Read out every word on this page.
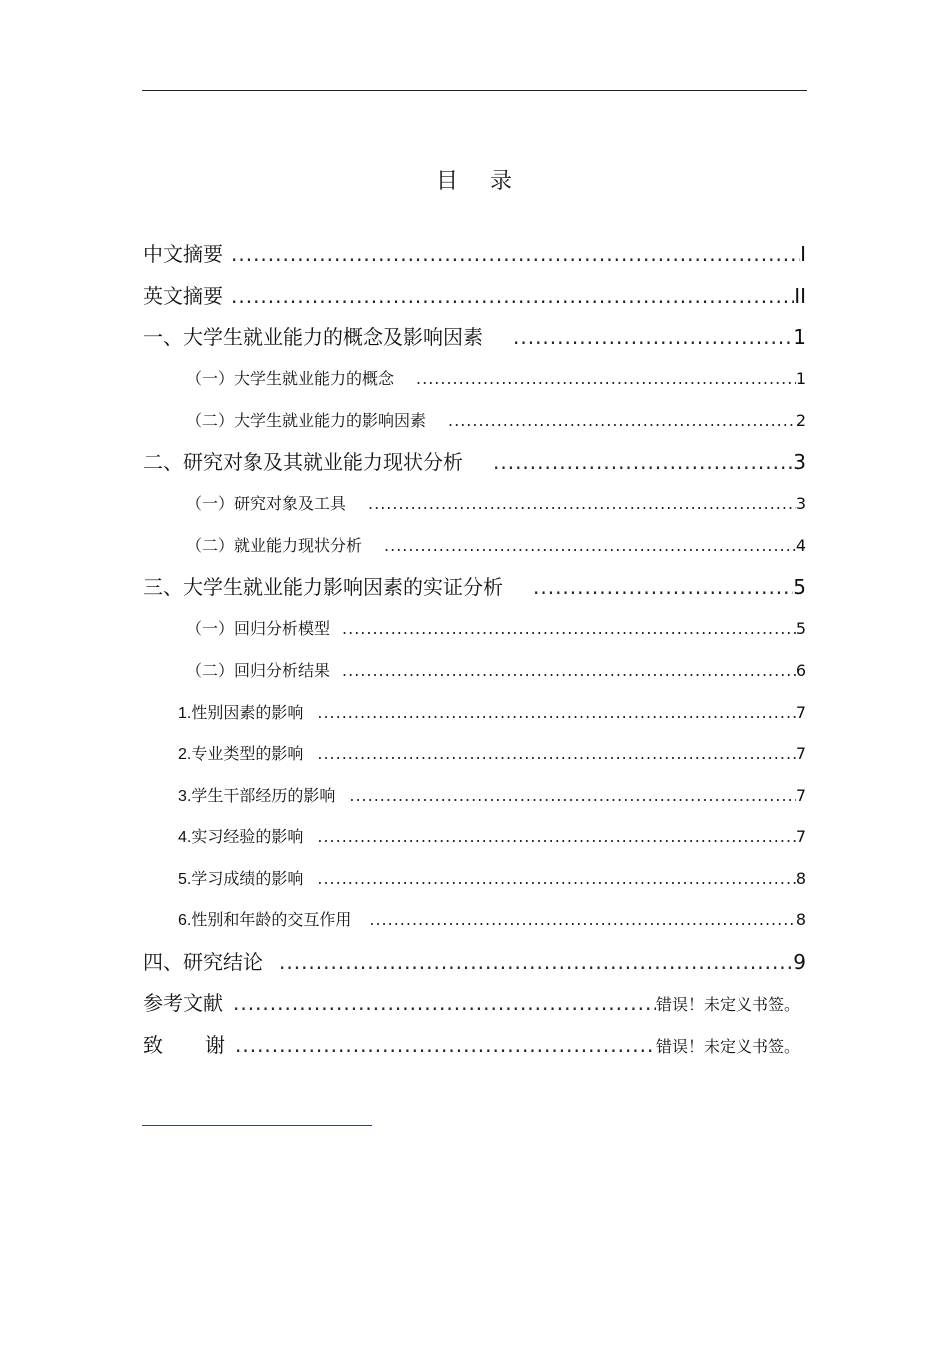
目 录
中文摘要 .....	I
英文摘要 .....	II
一、大学生就业能力的概念及影响因素 .....	1
（一）大学生就业能力的概念 .....	1
（二）大学生就业能力的影响因素 .....	2
二、研究对象及其就业能力现状分析 .....	3
（一）研究对象及工具 .....	3
（二）就业能力现状分析 .....	4
三、大学生就业能力影响因素的实证分析 .....	5
（一）回归分析模型 .....	5
（二）回归分析结果 .....	6
1. 性别因素的影响 .....	7
2. 专业类型的影响 .....	7
3. 学生干部经历的影响 .....	7
4. 实习经验的影响 .....	7
5. 学习成绩的影响 .....	8
6. 性别和年龄的交互作用 .....	8
四、研究结论 .....	9
参考文献 .....	错误！未定义书签。
致 谢 .....	错误！未定义书签。
